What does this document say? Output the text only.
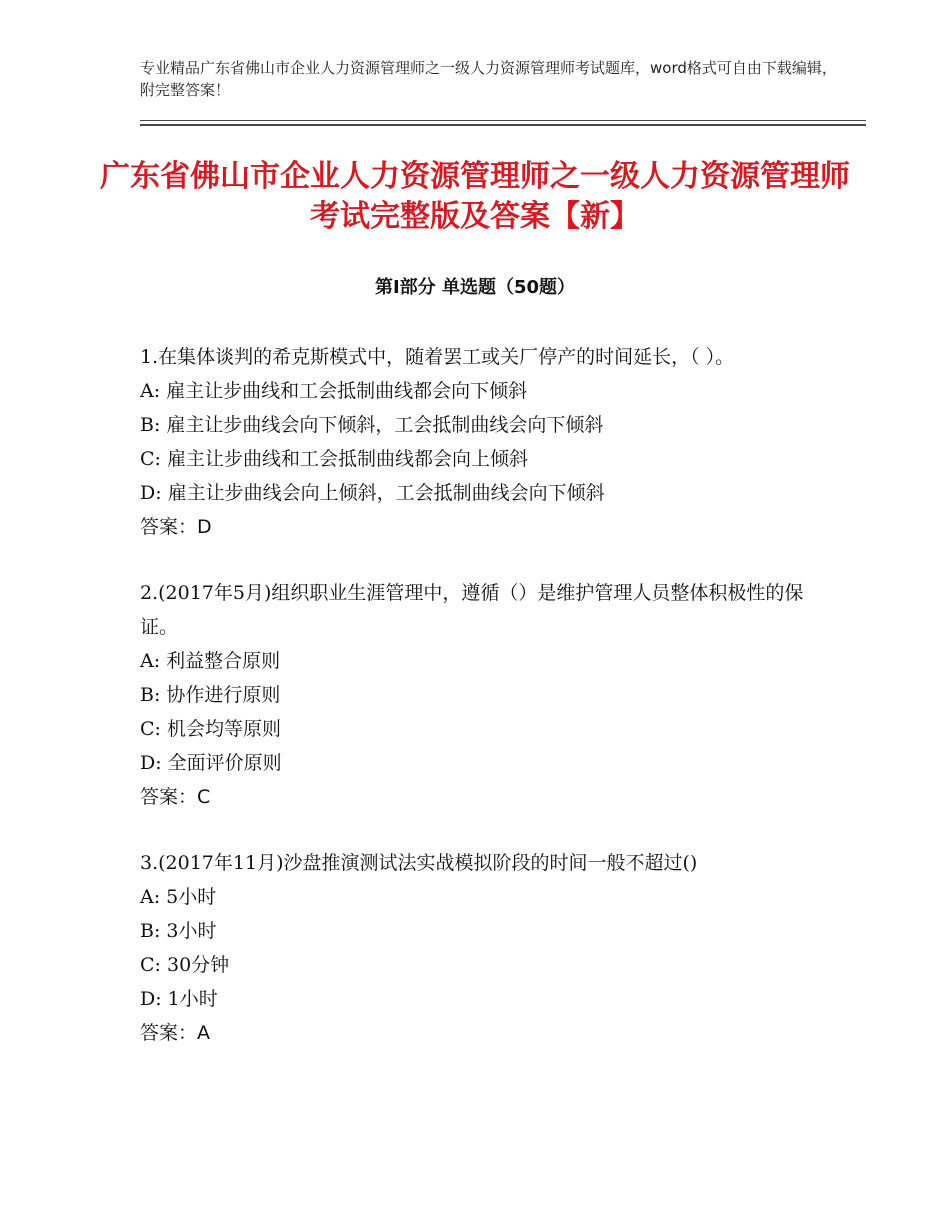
专业精品广东省佛山市企业人力资源管理师之一级人力资源管理师考试题库，word格式可自由下载编辑，附完整答案！
广东省佛山市企业人力资源管理师之一级人力资源管理师考试完整版及答案【新】
第Ⅰ部分 单选题（50题）

1.在集体谈判的希克斯模式中，随着罢工或关厂停产的时间延长，（ ）。

A: 雇主让步曲线和工会抵制曲线都会向下倾斜

B: 雇主让步曲线会向下倾斜，工会抵制曲线会向下倾斜

C: 雇主让步曲线和工会抵制曲线都会向上倾斜

D: 雇主让步曲线会向上倾斜，工会抵制曲线会向下倾斜

答案：D

2.(2017年5月)组织职业生涯管理中，遵循（）是维护管理人员整体积极性的保证。

A: 利益整合原则

B: 协作进行原则

C: 机会均等原则

D: 全面评价原则

答案：C

3.(2017年11月)沙盘推演测试法实战模拟阶段的时间一般不超过()

A: 5小时

B: 3小时

C: 30分钟

D: 1小时

答案：A
